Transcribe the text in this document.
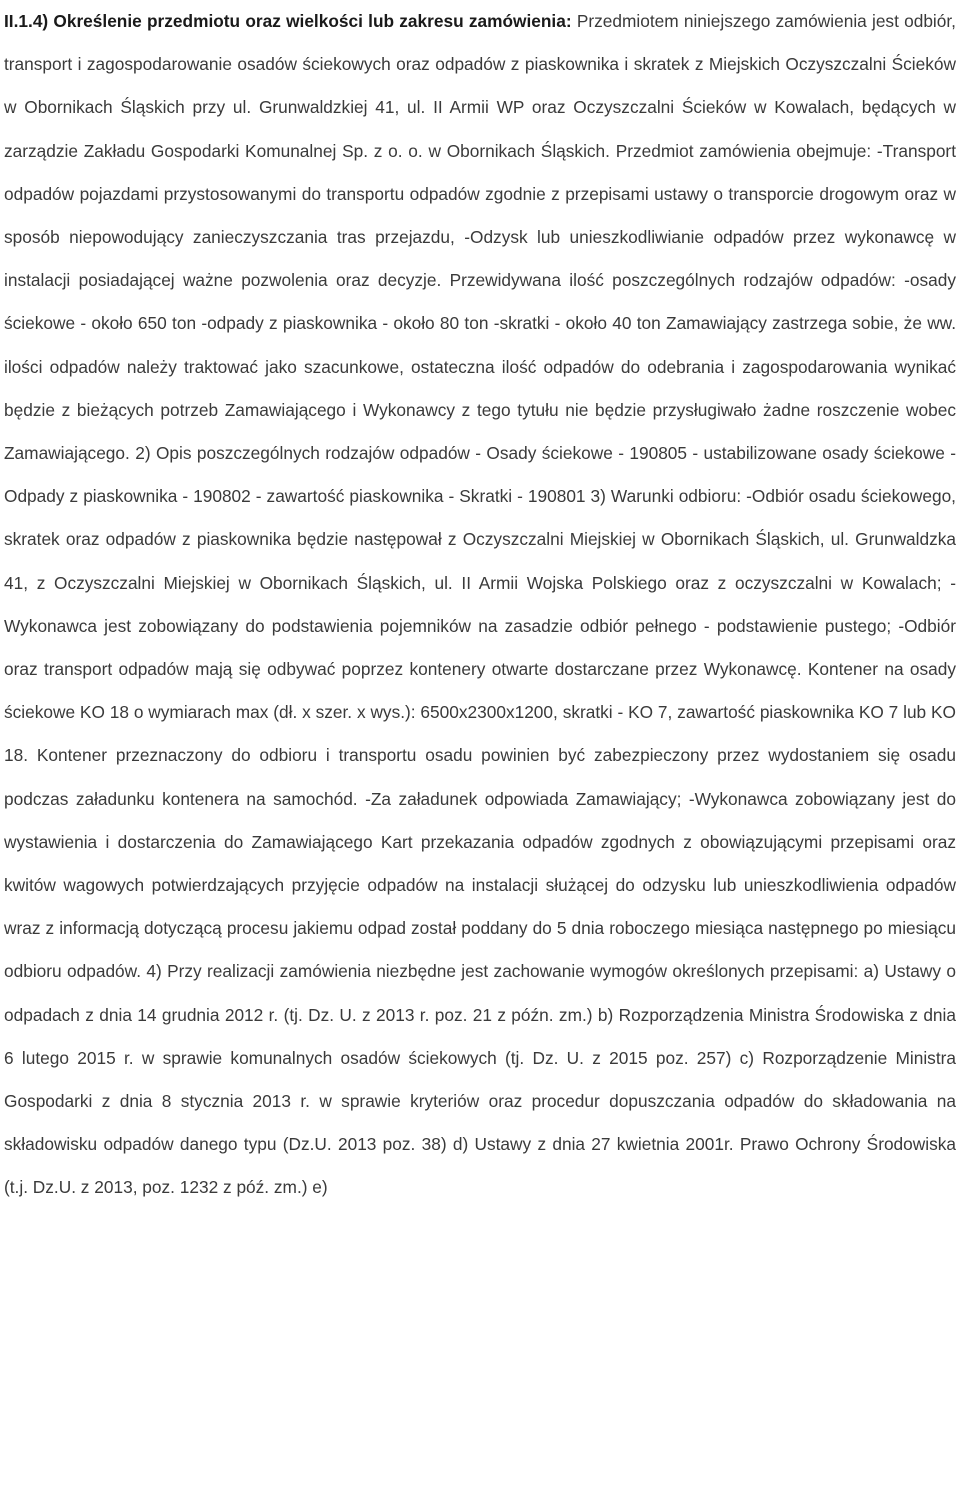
II.1.4) Określenie przedmiotu oraz wielkości lub zakresu zamówienia: Przedmiotem niniejszego zamówienia jest odbiór, transport i zagospodarowanie osadów ściekowych oraz odpadów z piaskownika i skratek z Miejskich Oczyszczalni Ścieków w Obornikach Śląskich przy ul. Grunwaldzkiej 41, ul. II Armii WP oraz Oczyszczalni Ścieków w Kowalach, będących w zarządzie Zakładu Gospodarki Komunalnej Sp. z o. o. w Obornikach Śląskich. Przedmiot zamówienia obejmuje: -Transport odpadów pojazdami przystosowanymi do transportu odpadów zgodnie z przepisami ustawy o transporcie drogowym oraz w sposób niepowodujący zanieczyszczania tras przejazdu, -Odzysk lub unieszkodliwianie odpadów przez wykonawcę w instalacji posiadającej ważne pozwolenia oraz decyzje. Przewidywana ilość poszczególnych rodzajów odpadów: -osady ściekowe - około 650 ton -odpady z piaskownika - około 80 ton -skratki - około 40 ton Zamawiający zastrzega sobie, że ww. ilości odpadów należy traktować jako szacunkowe, ostateczna ilość odpadów do odebrania i zagospodarowania wynikać będzie z bieżących potrzeb Zamawiającego i Wykonawcy z tego tytułu nie będzie przysługiwało żadne roszczenie wobec Zamawiającego. 2) Opis poszczególnych rodzajów odpadów - Osady ściekowe - 190805 - ustabilizowane osady ściekowe - Odpady z piaskownika - 190802 - zawartość piaskownika - Skratki - 190801 3) Warunki odbioru: -Odbiór osadu ściekowego, skratek oraz odpadów z piaskownika będzie następował z Oczyszczalni Miejskiej w Obornikach Śląskich, ul. Grunwaldzka 41, z Oczyszczalni Miejskiej w Obornikach Śląskich, ul. II Armii Wojska Polskiego oraz z oczyszczalni w Kowalach; -Wykonawca jest zobowiązany do podstawienia pojemników na zasadzie odbiór pełnego - podstawienie pustego; -Odbiór oraz transport odpadów mają się odbywać poprzez kontenery otwarte dostarczane przez Wykonawcę. Kontener na osady ściekowe KO 18 o wymiarach max (dł. x szer. x wys.): 6500x2300x1200, skratki - KO 7, zawartość piaskownika KO 7 lub KO 18. Kontener przeznaczony do odbioru i transportu osadu powinien być zabezpieczony przez wydostaniem się osadu podczas załadunku kontenera na samochód. -Za załadunek odpowiada Zamawiający; -Wykonawca zobowiązany jest do wystawienia i dostarczenia do Zamawiającego Kart przekazania odpadów zgodnych z obowiązującymi przepisami oraz kwitów wagowych potwierdzających przyjęcie odpadów na instalacji służącej do odzysku lub unieszkodliwienia odpadów wraz z informacją dotyczącą procesu jakiemu odpad został poddany do 5 dnia roboczego miesiąca następnego po miesiącu odbioru odpadów. 4) Przy realizacji zamówienia niezbędne jest zachowanie wymogów określonych przepisami: a) Ustawy o odpadach z dnia 14 grudnia 2012 r. (tj. Dz. U. z 2013 r. poz. 21 z późn. zm.) b) Rozporządzenia Ministra Środowiska z dnia 6 lutego 2015 r. w sprawie komunalnych osadów ściekowych (tj. Dz. U. z 2015 poz. 257) c) Rozporządzenie Ministra Gospodarki z dnia 8 stycznia 2013 r. w sprawie kryteriów oraz procedur dopuszczania odpadów do składowania na składowisku odpadów danego typu (Dz.U. 2013 poz. 38) d) Ustawy z dnia 27 kwietnia 2001r. Prawo Ochrony Środowiska (t.j. Dz.U. z 2013, poz. 1232 z póź. zm.) e)
